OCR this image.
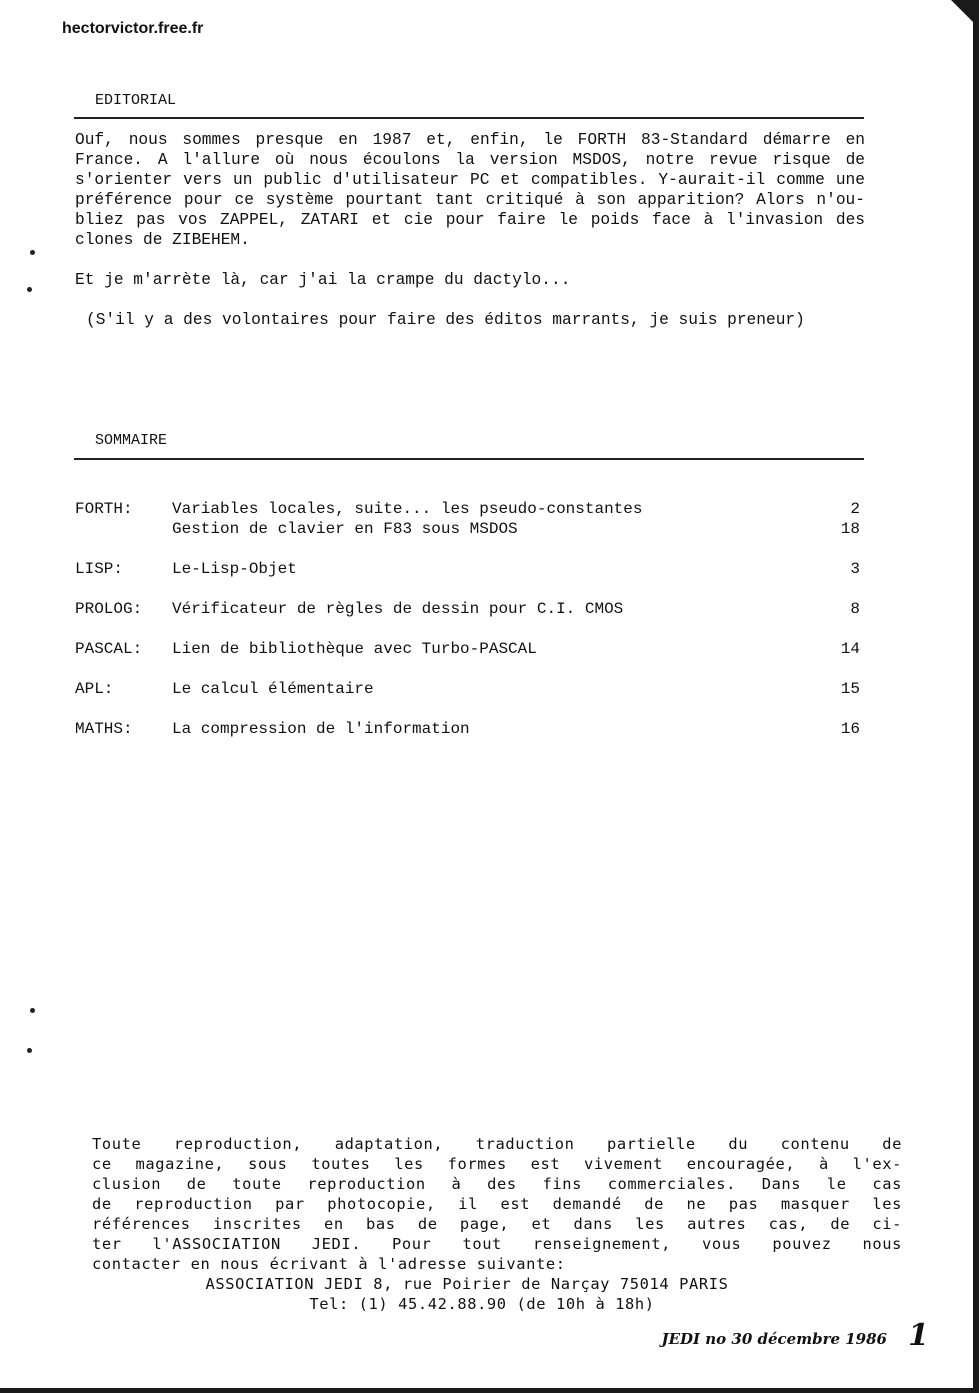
hectorvictor.free.fr
EDITORIAL
Ouf, nous sommes presque en 1987 et, enfin, le FORTH 83-Standard démarre en
France. A l'allure où nous écoulons la version MSDOS, notre revue risque de
s'orienter vers un public d'utilisateur PC et compatibles. Y-aurait-il comme une
préférence pour ce système pourtant tant critiqué à son apparition? Alors n'ou-
bliez pas vos ZAPPEL, ZATARI et cie pour faire le poids face à l'invasion des
clones de ZIBEHEM.
Et je m'arrète là, car j'ai la crampe du dactylo...
(S'il y a des volontaires pour faire des éditos marrants, je suis preneur)
SOMMAIRE
FORTH: Variables locales, suite... les pseudo-constantes	2
Gestion de clavier en F83 sous MSDOS	18
LISP:	Le-Lisp-Objet	3
PROLOG: Vérificateur de règles de dessin pour C.I. CMOS	8
PASCAL: Lien de bibliothèque avec Turbo-PASCAL	14
APL:	Le calcul élémentaire	15
MATHS: La compression de l'information	16
Toute reproduction, adaptation, traduction partielle du contenu de
ce magazine, sous toutes les formes est vivement encouragée, à l'ex-
clusion de toute reproduction à des fins commerciales. Dans le cas
de reproduction par photocopie, il est demandé de ne pas masquer les
références inscrites en bas de page, et dans les autres cas, de ci-
ter l'ASSOCIATION JEDI. Pour tout renseignement, vous pouvez nous
contacter en nous écrivant à l'adresse suivante:
ASSOCIATION JEDI 8, rue Poirier de Narçay 75014 PARIS
Tel: (1) 45.42.88.90 (de 10h à 18h)
JEDI no 30 décembre 1986 1
